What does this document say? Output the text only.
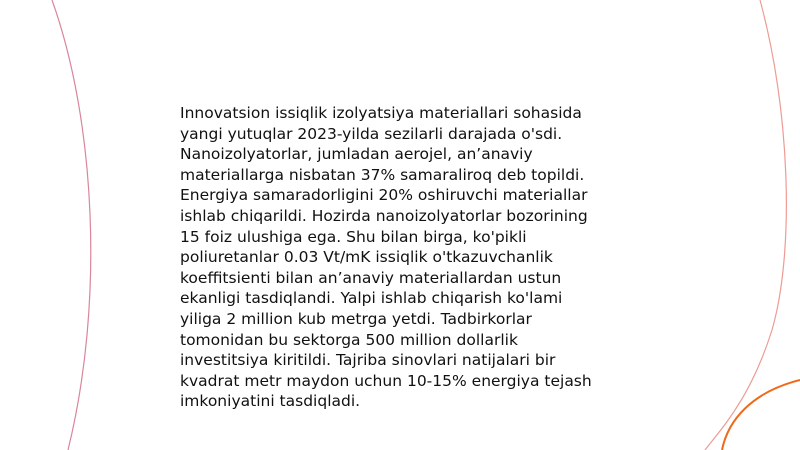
Innovatsion issiqlik izolyatsiya materiallari sohasida
yangi yutuqlar 2023-yilda sezilarli darajada o'sdi.
Nanoizolyatorlar, jumladan aerojel, an’anaviy
materiallarga nisbatan 37% samaraliroq deb topildi.
Energiya samaradorligini 20% oshiruvchi materiallar
ishlab chiqarildi. Hozirda nanoizolyatorlar bozorining
15 foiz ulushiga ega. Shu bilan birga, ko'pikli
poliuretanlar 0.03 Vt/mK issiqlik o'tkazuvchanlik
koeffitsienti bilan an’anaviy materiallardan ustun
ekanligi tasdiqlandi. Yalpi ishlab chiqarish ko'lami
yiliga 2 million kub metrga yetdi. Tadbirkorlar
tomonidan bu sektorga 500 million dollarlik
investitsiya kiritildi. Tajriba sinovlari natijalari bir
kvadrat metr maydon uchun 10-15% energiya tejash
imkoniyatini tasdiqladi.
